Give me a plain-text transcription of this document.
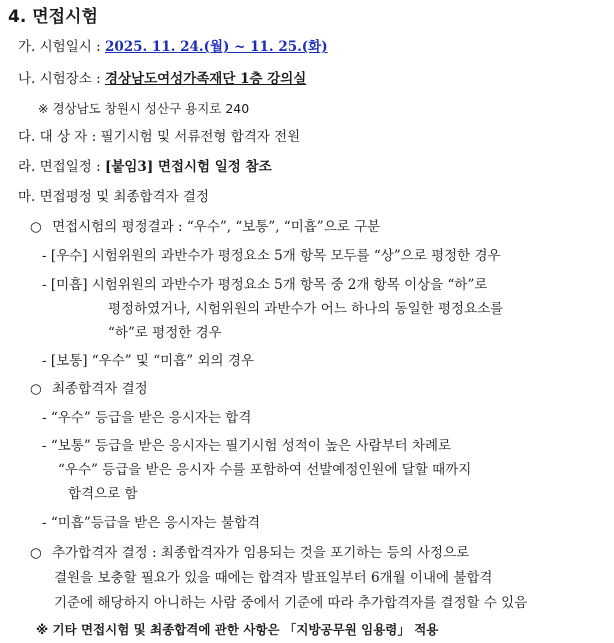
4. 면접시험
가. 시험일시 : 2025. 11. 24.(월) ~ 11. 25.(화)
나. 시험장소 : 경상남도여성가족재단 1층 강의실
※ 경상남도 창원시 성산구 용지로 240
다. 대 상 자 : 필기시험 및 서류전형 합격자 전원
라. 면접일정 : [붙임3] 면접시험 일정 참조
마. 면접평정 및 최종합격자 결정
○ 면접시험의 평정결과 : “우수”, “보통”, “미흡”으로 구분
- [우수] 시험위원의 과반수가 평정요소 5개 항목 모두를 “상”으로 평정한 경우
- [미흡] 시험위원의 과반수가 평정요소 5개 항목 중 2개 항목 이상을 “하”로
평정하였거나, 시험위원의 과반수가 어느 하나의 동일한 평정요소를
“하”로 평정한 경우
- [보통] “우수” 및 “미흡” 외의 경우
○ 최종합격자 결정
- “우수” 등급을 받은 응시자는 합격
- “보통” 등급을 받은 응시자는 필기시험 성적이 높은 사람부터 차례로
“우수” 등급을 받은 응시자 수를 포함하여 선발예정인원에 달할 때까지
합격으로 함
- “미흡”등급을 받은 응시자는 불합격
○ 추가합격자 결정 : 최종합격자가 임용되는 것을 포기하는 등의 사정으로
결원을 보충할 필요가 있을 때에는 합격자 발표일부터 6개월 이내에 불합격
기준에 해당하지 아니하는 사람 중에서 기준에 따라 추가합격자를 결정할 수 있음
※ 기타 면접시험 및 최종합격에 관한 사항은 「지방공무원 임용령」 적용
